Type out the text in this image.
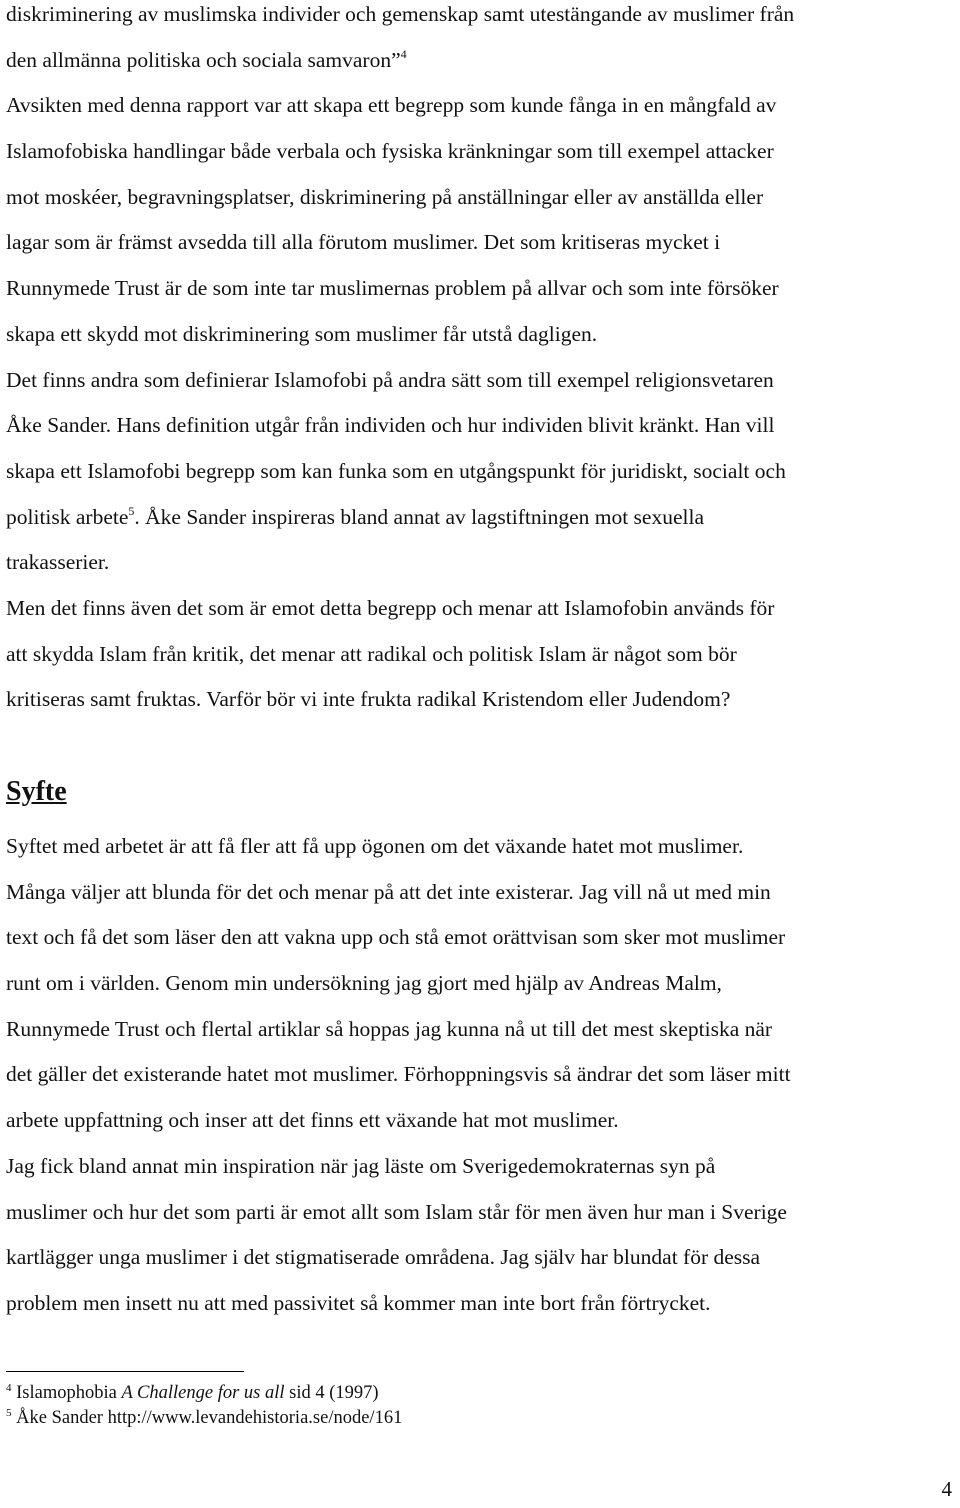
diskriminering av muslimska individer och gemenskap samt utestängande av muslimer från
den allmänna politiska och sociala samvaron”$^4$
Avsikten med denna rapport var att skapa ett begrepp som kunde fånga in en mångfald av
Islamofobiska handlingar både verbala och fysiska kränkningar som till exempel attacker
mot moskéer, begravningsplatser, diskriminering på anställningar eller av anställda eller
lagar som är främst avsedda till alla förutom muslimer. Det som kritiseras mycket i
Runnymede Trust är de som inte tar muslimernas problem på allvar och som inte försöker
skapa ett skydd mot diskriminering som muslimer får utstå dagligen.
Det finns andra som definierar Islamofobi på andra sätt som till exempel religionsvetaren
Åke Sander. Hans definition utgår från individen och hur individen blivit kränkt. Han vill
skapa ett Islamofobi begrepp som kan funka som en utgångspunkt för juridiskt, socialt och
politisk arbete$^5$. Åke Sander inspireras bland annat av lagstiftningen mot sexuella
trakasserier.
Men det finns även det som är emot detta begrepp och menar att Islamofobin används för
att skydda Islam från kritik, det menar att radikal och politisk Islam är något som bör
kritiseras samt fruktas. Varför bör vi inte frukta radikal Kristendom eller Judendom?
Syfte
Syftet med arbetet är att få fler att få upp ögonen om det växande hatet mot muslimer.
Många väljer att blunda för det och menar på att det inte existerar. Jag vill nå ut med min
text och få det som läser den att vakna upp och stå emot orättvisan som sker mot muslimer
runt om i världen. Genom min undersökning jag gjort med hjälp av Andreas Malm,
Runnymede Trust och flertal artiklar så hoppas jag kunna nå ut till det mest skeptiska när
det gäller det existerande hatet mot muslimer. Förhoppningsvis så ändrar det som läser mitt
arbete uppfattning och inser att det finns ett växande hat mot muslimer.
Jag fick bland annat min inspiration när jag läste om Sverigedemokraternas syn på
muslimer och hur det som parti är emot allt som Islam står för men även hur man i Sverige
kartlägger unga muslimer i det stigmatiserade områdena. Jag själv har blundat för dessa
problem men insett nu att med passivitet så kommer man inte bort från förtrycket.
$^4$ Islamophobia A Challenge for us all sid 4 (1997)
$^5$ Åke Sander http://www.levandehistoria.se/node/161
4
